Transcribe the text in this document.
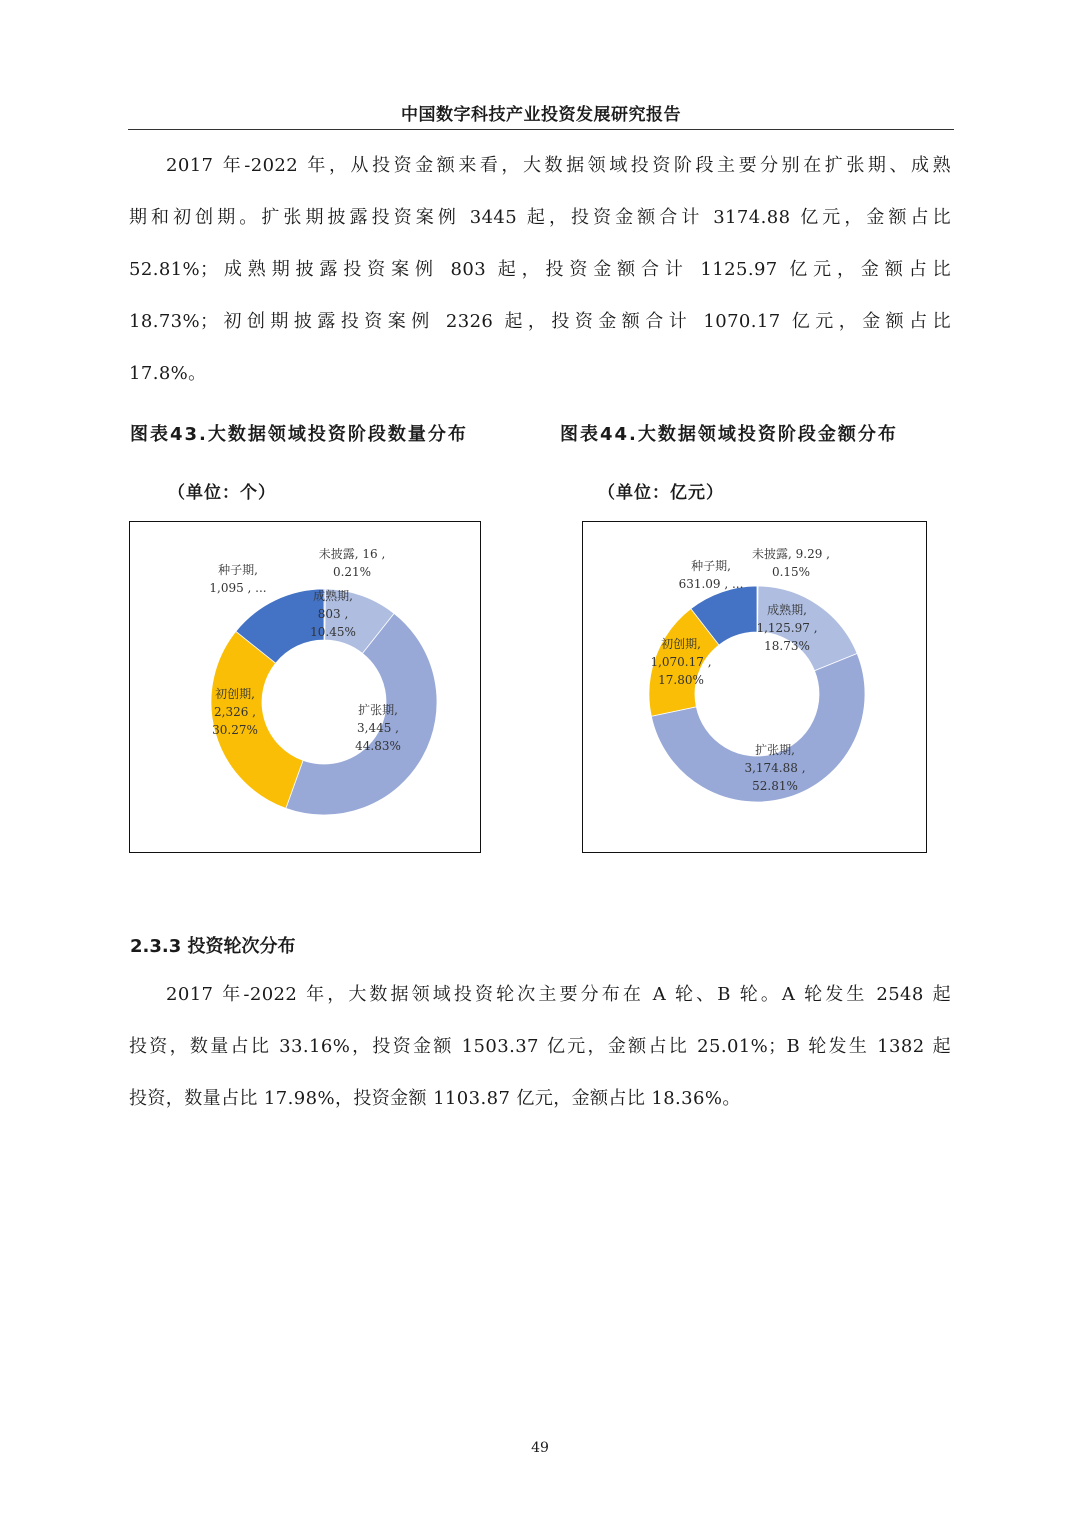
中国数字科技产业投资发展研究报告
2017 年-2022 年，从投资金额来看，大数据领域投资阶段主要分别在扩张期、成熟
期和初创期。扩张期披露投资案例 3445 起，投资金额合计 3174.88 亿元，金额占比
52.81%；成熟期披露投资案例 803 起，投资金额合计 1125.97 亿元，金额占比
18.73%；初创期披露投资案例 2326 起，投资金额合计 1070.17 亿元，金额占比
17.8%。
图表43.大数据领域投资阶段数量分布
（单位：个）
图表44.大数据领域投资阶段金额分布
（单位：亿元）
未披露, 16 , 0.21%
成熟期, 803 , 10.45%
扩张期, 3,445 , 44.83%
初创期, 2,326 , 30.27%
种子期, 1,095 , ...
未披露, 9.29 , 0.15%
成熟期, 1,125.97 , 18.73%
扩张期, 3,174.88 , 52.81%
初创期, 1,070.17 , 17.80%
种子期, 631.09 , ...
2.3.3 投资轮次分布
2017 年-2022 年，大数据领域投资轮次主要分布在 A 轮、B 轮。A 轮发生 2548 起
投资，数量占比 33.16%，投资金额 1503.37 亿元，金额占比 25.01%；B 轮发生 1382 起
投资，数量占比 17.98%，投资金额 1103.87 亿元，金额占比 18.36%。
49
